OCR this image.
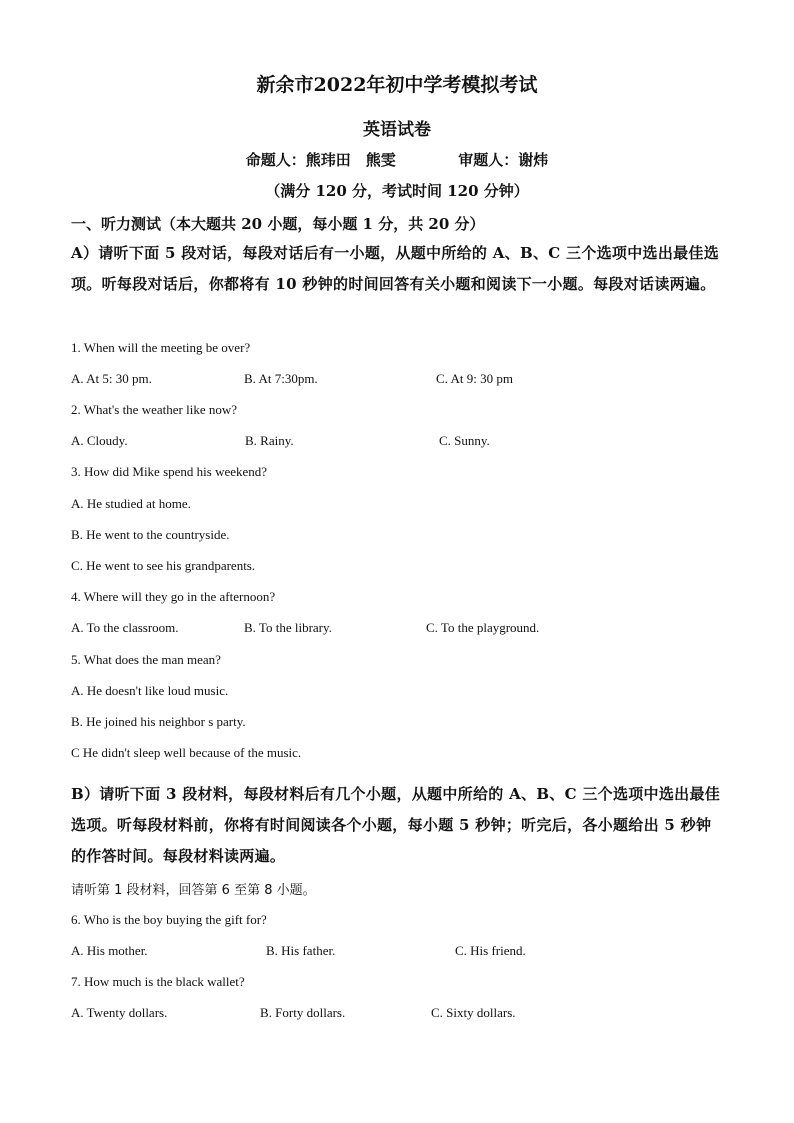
新余市2022年初中学考模拟考试
英语试卷
命题人：熊玮田　熊雯	审题人：谢炜
（满分 120 分，考试时间 120 分钟）
一、听力测试（本大题共 20 小题，每小题 1 分，共 20 分）
A）请听下面 5 段对话，每段对话后有一小题，从题中所给的 A、B、C 三个选项中选出最佳选项。听每段对话后，你都将有 10 秒钟的时间回答有关小题和阅读下一小题。每段对话读两遍。
1. When will the meeting be over?
A. At 5: 30 pm.	B. At 7:30pm.	C. At 9: 30 pm
2. What's the weather like now?
A. Cloudy.	B. Rainy.	C. Sunny.
3. How did Mike spend his weekend?
A. He studied at home.
B. He went to the countryside.
C. He went to see his grandparents.
4. Where will they go in the afternoon?
A. To the classroom.	B. To the library.	C. To the playground.
5. What does the man mean?
A. He doesn't like loud music.
B. He joined his neighbor s party.
C He didn't sleep well because of the music.
B）请听下面 3 段材料，每段材料后有几个小题，从题中所给的 A、B、C 三个选项中选出最佳选项。听每段材料前，你将有时间阅读各个小题，每小题 5 秒钟；听完后，各小题给出 5 秒钟的作答时间。每段材料读两遍。
请听第 1 段材料，回答第 6 至第 8 小题。
6. Who is the boy buying the gift for?
A. His mother.	B. His father.	C. His friend.
7. How much is the black wallet?
A. Twenty dollars.	B. Forty dollars.	C. Sixty dollars.
